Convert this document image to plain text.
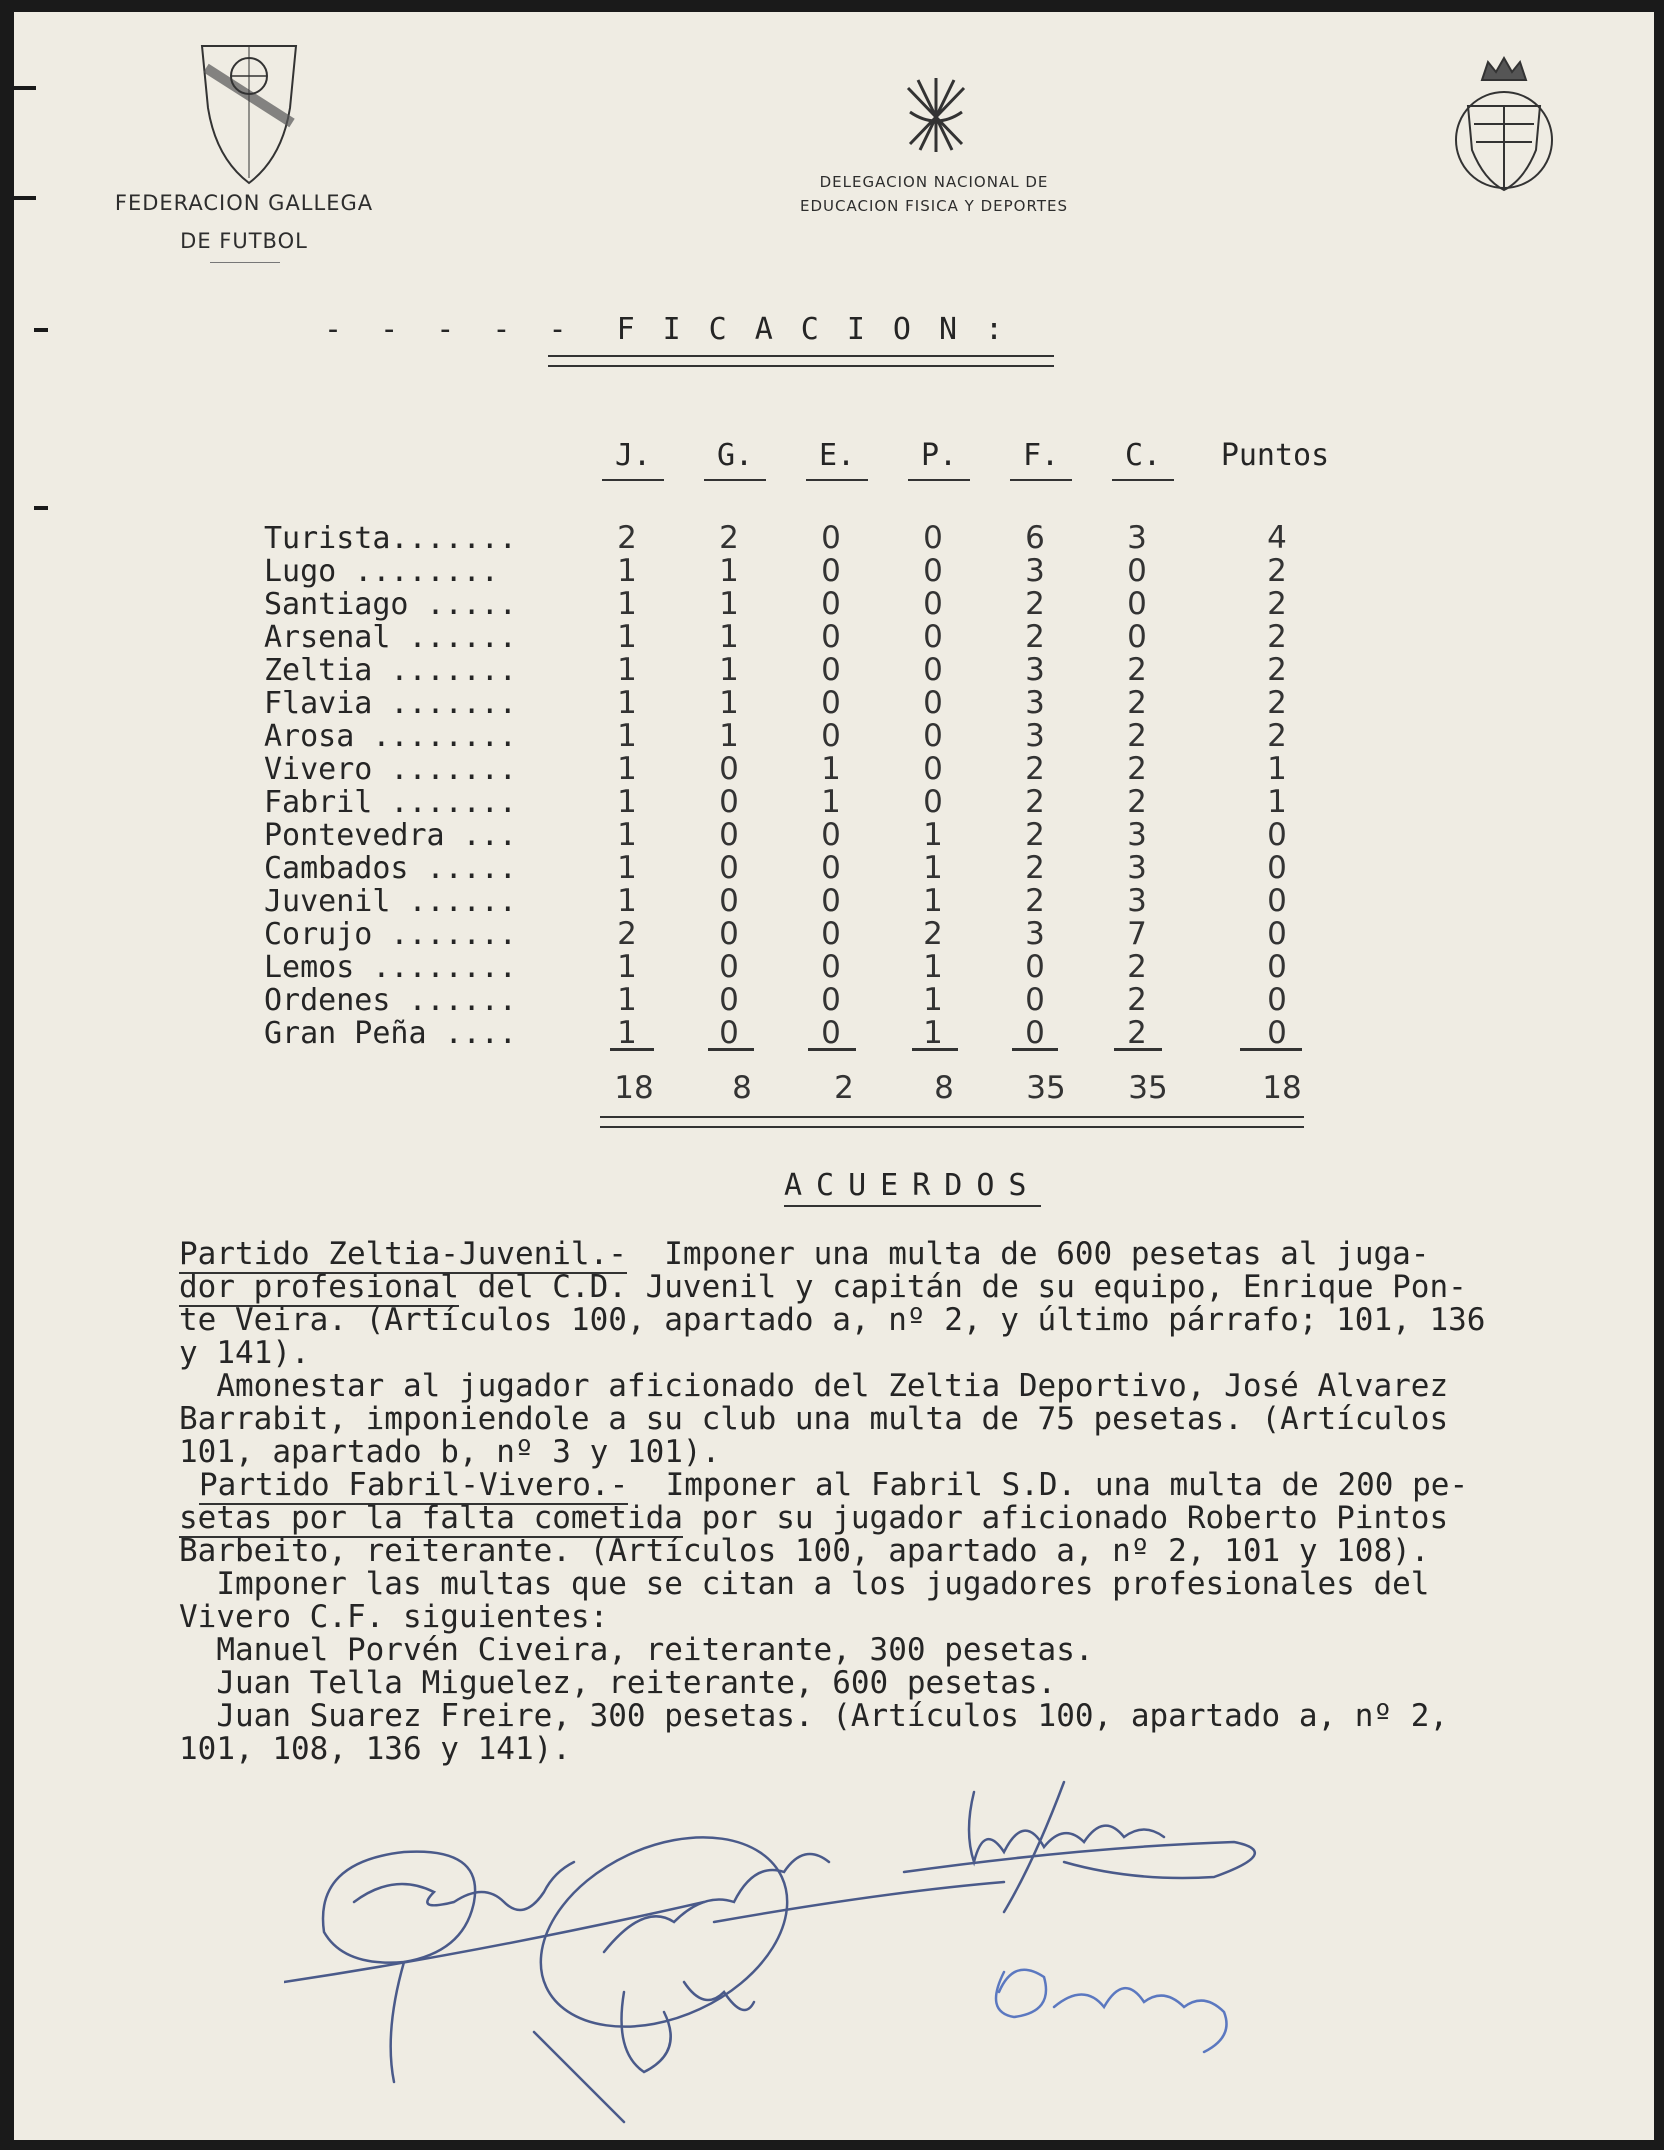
FEDERACION GALLEGA
DE FUTBOL
DELEGACION NACIONAL DE
EDUCACION FISICA Y DEPORTES
- - - - - FICACION:
J.	G.	E.	P.	F.	C.	Puntos
Turista.......	2	2	0	0	6	3	4
Lugo ........	1	1	0	0	3	0	2
Santiago .....	1	1	0	0	2	0	2
Arsenal ......	1	1	0	0	2	0	2
Zeltia .......	1	1	0	0	3	2	2
Flavia .......	1	1	0	0	3	2	2
Arosa ........	1	1	0	0	3	2	2
Vivero .......	1	0	1	0	2	2	1
Fabril .......	1	0	1	0	2	2	1
Pontevedra ...	1	0	0	1	2	3	0
Cambados .....	1	0	0	1	2	3	0
Juvenil ......	1	0	0	1	2	3	0
Corujo .......	2	0	0	2	3	7	0
Lemos ........	1	0	0	1	0	2	0
Ordenes ......	1	0	0	1	0	2	0
Gran Peña ....	1	0	0	1	0	2	0
18	8	2	8	35	35	18
ACUERDOS
Partido Zeltia-Juvenil.-  Imponer una multa de 600 pesetas al juga-
dor profesional del C.D. Juvenil y capitán de su equipo, Enrique Pon-
te Veira. (Artículos 100, apartado a, nº 2, y último párrafo; 101, 136
y 141).
Amonestar al jugador aficionado del Zeltia Deportivo, José Alvarez
Barrabit, imponiendole a su club una multa de 75 pesetas. (Artículos
101, apartado b, nº 3 y 101).
Partido Fabril-Vivero.-  Imponer al Fabril S.D. una multa de 200 pe-
setas por la falta cometida por su jugador aficionado Roberto Pintos
Barbeito, reiterante. (Artículos 100, apartado a, nº 2, 101 y 108).
Imponer las multas que se citan a los jugadores profesionales del
Vivero C.F. siguientes:
Manuel Porvén Civeira, reiterante, 300 pesetas.
Juan Tella Miguelez, reiterante, 600 pesetas.
Juan Suarez Freire, 300 pesetas. (Artículos 100, apartado a, nº 2,
101, 108, 136 y 141).
